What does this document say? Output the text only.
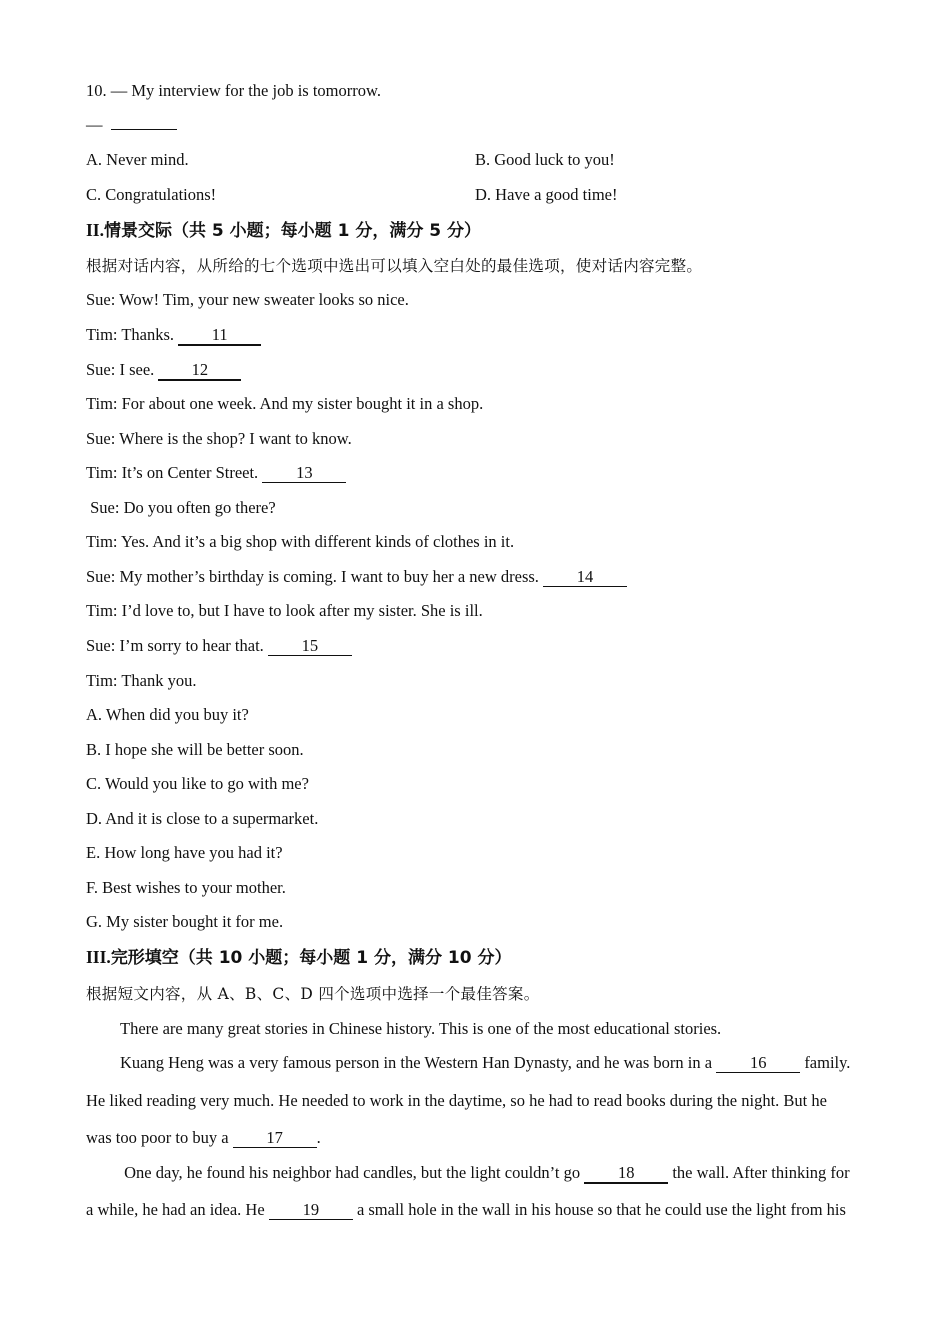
10. — My interview for the job is tomorrow.
—
A. Never mind.	B. Good luck to you!
C. Congratulations!	D. Have a good time!
II.情景交际（共 5 小题；每小题 1 分，满分 5 分）
根据对话内容，从所给的七个选项中选出可以填入空白处的最佳选项，使对话内容完整。
Sue: Wow! Tim, your new sweater looks so nice.
Tim: Thanks. 11
Sue: I see. 12
Tim: For about one week. And my sister bought it in a shop.
Sue: Where is the shop? I want to know.
Tim: It’s on Center Street. 13
Sue: Do you often go there?
Tim: Yes. And it’s a big shop with different kinds of clothes in it.
Sue: My mother’s birthday is coming. I want to buy her a new dress. 14
Tim: I’d love to, but I have to look after my sister. She is ill.
Sue: I’m sorry to hear that. 15
Tim: Thank you.
A. When did you buy it?
B. I hope she will be better soon.
C. Would you like to go with me?
D. And it is close to a supermarket.
E. How long have you had it?
F. Best wishes to your mother.
G. My sister bought it for me.
III.完形填空（共 10 小题；每小题 1 分，满分 10 分）
根据短文内容，从 A、B、C、D 四个选项中选择一个最佳答案。
There are many great stories in Chinese history. This is one of the most educational stories.
Kuang Heng was a very famous person in the Western Han Dynasty, and he was born in a 16 family.
He liked reading very much. He needed to work in the daytime, so he had to read books during the night. But he
was too poor to buy a 17 .
One day, he found his neighbor had candles, but the light couldn’t go 18 the wall. After thinking for
a while, he had an idea. He 19 a small hole in the wall in his house so that he could use the light from his
